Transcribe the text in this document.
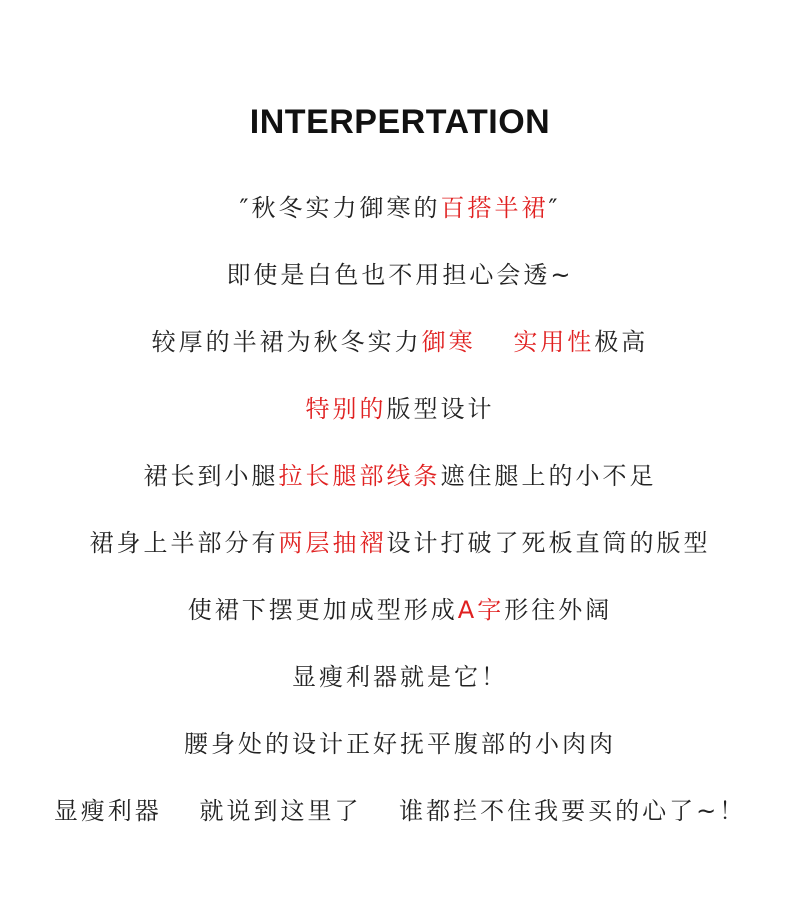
INTERPERTATION
″秋冬实力御寒的百搭半裙″
即使是白色也不用担心会透~
较厚的半裙为秋冬实力御寒　 实用性极高
特别的版型设计
裙长到小腿拉长腿部线条遮住腿上的小不足
裙身上半部分有两层抽褶设计打破了死板直筒的版型
使裙下摆更加成型形成A字形往外阔
显瘦利器就是它！
腰身处的设计正好抚平腹部的小肉肉
显瘦利器　 就说到这里了　 谁都拦不住我要买的心了~！
